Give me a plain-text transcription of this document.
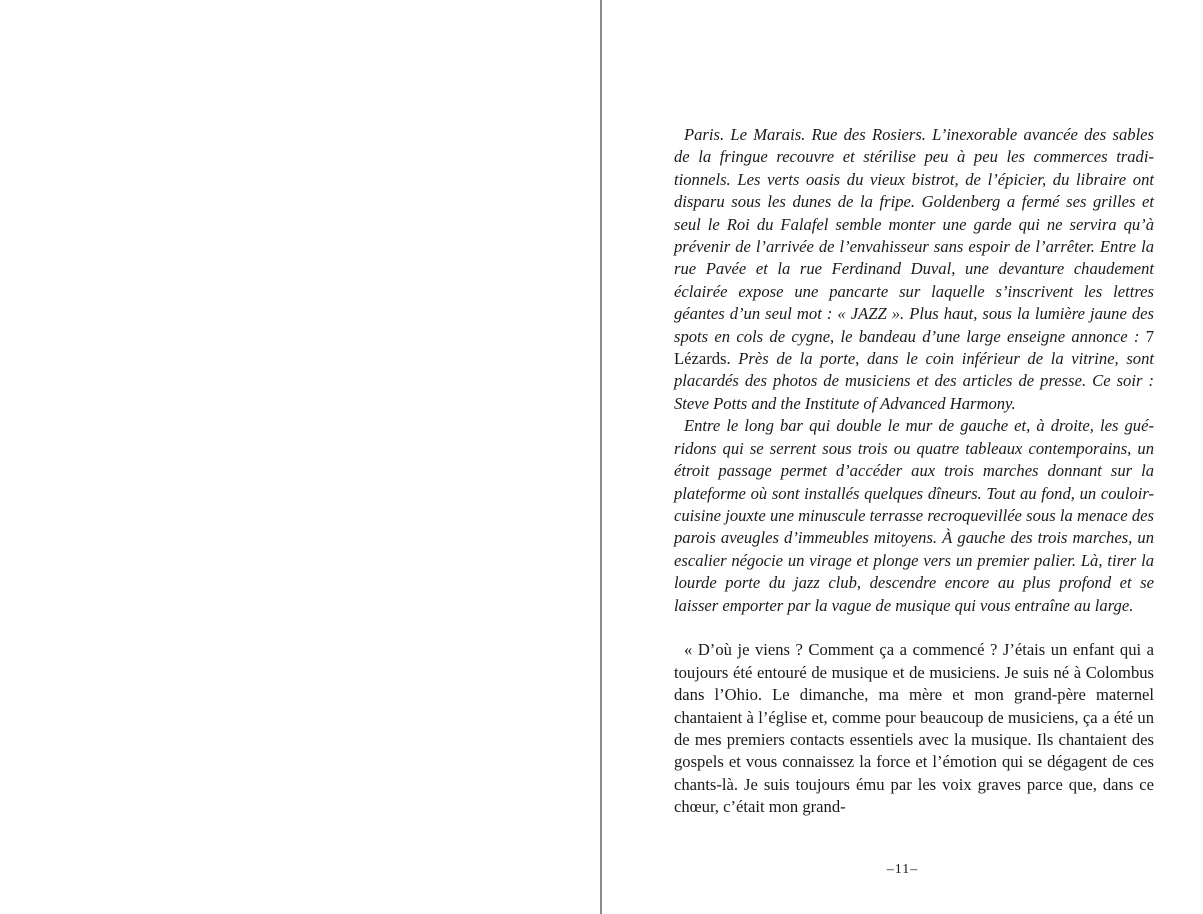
Paris. Le Marais. Rue des Rosiers. L’inexorable avancée des sables de la fringue recouvre et stérilise peu à peu les commerces traditionnels. Les verts oasis du vieux bistrot, de l’épicier, du libraire ont disparu sous les dunes de la fripe. Goldenberg a fermé ses grilles et seul le Roi du Falafel semble monter une garde qui ne servira qu’à prévenir de l’arrivée de l’envahisseur sans espoir de l’arrêter. Entre la rue Pavée et la rue Ferdinand Duval, une devanture chaudement éclairée expose une pancarte sur laquelle s’inscrivent les lettres géantes d’un seul mot : « JAZZ ». Plus haut, sous la lumière jaune des spots en cols de cygne, le bandeau d’une large enseigne annonce : 7 Lézards. Près de la porte, dans le coin inférieur de la vitrine, sont placardés des photos de musiciens et des articles de presse. Ce soir : Steve Potts and the Institute of Advanced Harmony.

Entre le long bar qui double le mur de gauche et, à droite, les guéridons qui se serrent sous trois ou quatre tableaux contemporains, un étroit passage permet d’accéder aux trois marches donnant sur la plateforme où sont installés quelques dîneurs. Tout au fond, un couloir-cuisine jouxte une minuscule terrasse recroquevillée sous la menace des parois aveugles d’immeubles mitoyens. À gauche des trois marches, un escalier négocie un virage et plonge vers un premier palier. Là, tirer la lourde porte du jazz club, descendre encore au plus profond et se laisser emporter par la vague de musique qui vous entraîne au large.

« D’où je viens ? Comment ça a commencé ? J’étais un enfant qui a toujours été entouré de musique et de musiciens. Je suis né à Colombus dans l’Ohio. Le dimanche, ma mère et mon grand-père maternel chantaient à l’église et, comme pour beaucoup de musiciens, ça a été un de mes premiers contacts essentiels avec la musique. Ils chantaient des gospels et vous connaissez la force et l’émotion qui se dégagent de ces chants-là. Je suis toujours ému par les voix graves parce que, dans ce chœur, c’était mon grand-

–11–
